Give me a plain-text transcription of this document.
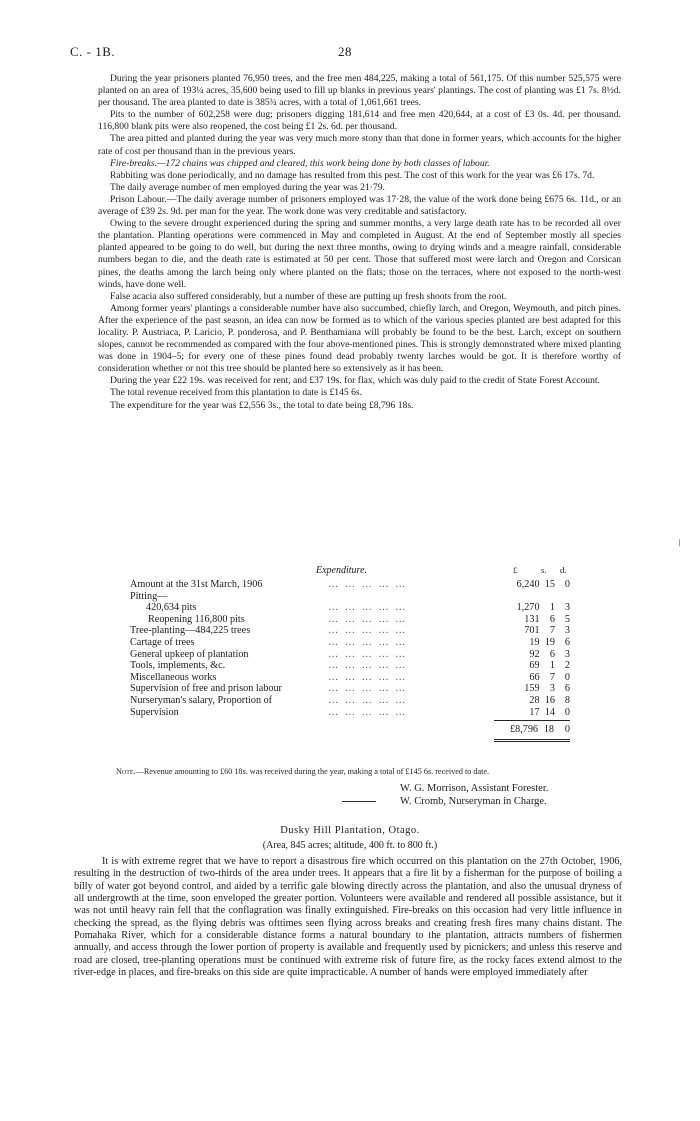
C. - 1B.	28

During the year prisoners planted 76,950 trees, and the free men 484,225, making a total of 561,175. Of this number 525,575 were planted on an area of 193¼ acres, 35,600 being used to fill up blanks in previous years' plantings. The cost of planting was £1 7s. 8½d. per thousand. The area planted to date is 385¾ acres, with a total of 1,061,661 trees.

Pits to the number of 602,258 were dug; prisoners digging 181,614 and free men 420,644, at a cost of £3 0s. 4d. per thousand. 116,800 blank pits were also reopened, the cost being £1 2s. 6d. per thousand.

The area pitted and planted during the year was very much more stony than that done in former years, which accounts for the higher rate of cost per thousand than in the previous years.

Fire-breaks.—172 chains was chipped and cleared, this work being done by both classes of labour.

Rabbiting was done periodically, and no damage has resulted from this pest. The cost of this work for the year was £6 17s. 7d.

The daily average number of men employed during the year was 21·79.

Prison Labour.—The daily average number of prisoners employed was 17·28, the value of the work done being £675 6s. 11d., or an average of £39 2s. 9d. per man for the year. The work done was very creditable and satisfactory.

Owing to the severe drought experienced during the spring and summer months, a very large death rate has to be recorded all over the plantation. Planting operations were commenced in May and completed in August. At the end of September mostly all species planted appeared to be going to do well, but during the next three months, owing to drying winds and a meagre rainfall, considerable numbers began to die, and the death rate is estimated at 50 per cent. Those that suffered most were larch and Oregon and Corsican pines, the deaths among the larch being only where planted on the flats; those on the terraces, where not exposed to the north-west winds, have done well.

False acacia also suffered considerably, but a number of these are putting up fresh shoots from the root.

Among former years' plantings a considerable number have also succumbed, chiefly larch, and Oregon, Weymouth, and pitch pines. After the experience of the past season, an idea can now be formed as to which of the various species planted are best adapted for this locality. P. Austriaca, P. Laricio, P. ponderosa, and P. Benthamiana will probably be found to be the best. Larch, except on southern slopes, cannot be recommended as compared with the four above-mentioned pines. This is strongly demonstrated where mixed planting was done in 1904–5; for every one of these pines found dead probably twenty larches would be got. It is therefore worthy of consideration whether or not this tree should be planted here so extensively as it has been.

During the year £22 19s. was received for rent, and £37 19s. for flax, which was duly paid to the credit of State Forest Account.

The total revenue received from this plantation to date is £145 6s.

The expenditure for the year was £2,556 3s., the total to date being £8,796 18s.

\
Expenditure.	£	s. d.
Amount at the 31st March, 1906	… … … … …	6,240	15	0
Pitting—				
420,634 pits	… … … … …	1,270	1	3
Reopening 116,800 pits	… … … … …	131	6	5
Tree-planting—484,225 trees	… … … … …	701	7	3
Cartage of trees	… … … … …	19	19	6
General upkeep of plantation	… … … … …	92	6	3
Tools, implements, &c.	… … … … …	69	1	2
Miscellaneous works	… … … … …	66	7	0
Supervision of free and prison labour	… … … … …	159	3	6
Nurseryman's salary, Proportion of	… … … … …	28	16	8
Supervision	… … … … …	17	14	0
		£8,796	18	0
Note.—Revenue amounting to £60 18s. was received during the year, making a total of £145 6s. received to date.
W. G. Morrison, Assistant Forester.
W. Cromb, Nurseryman in Charge.
Dusky Hill Plantation, Otago.
(Area, 845 acres; altitude, 400 ft. to 800 ft.)

It is with extreme regret that we have to report a disastrous fire which occurred on this plantation on the 27th October, 1906, resulting in the destruction of two-thirds of the area under trees. It appears that a fire lit by a fisherman for the purpose of boiling a billy of water got beyond control, and aided by a terrific gale blowing directly across the plantation, and also the unusual dryness of all undergrowth at the time, soon enveloped the greater portion. Volunteers were available and rendered all possible assistance, but it was not until heavy rain fell that the conflagration was finally extinguished. Fire-breaks on this occasion had very little influence in checking the spread, as the flying debris was ofttimes seen flying across breaks and creating fresh fires many chains distant. The Pomahaka River, which for a considerable distance forms a natural boundary to the plantation, attracts numbers of fishermen annually, and access through the lower portion of property is available and frequently used by picnickers; and unless this reserve and road are closed, tree-planting operations must be continued with extreme risk of future fire, as the rocky faces extend almost to the river-edge in places, and fire-breaks on this side are quite impracticable. A number of hands were employed immediately after
